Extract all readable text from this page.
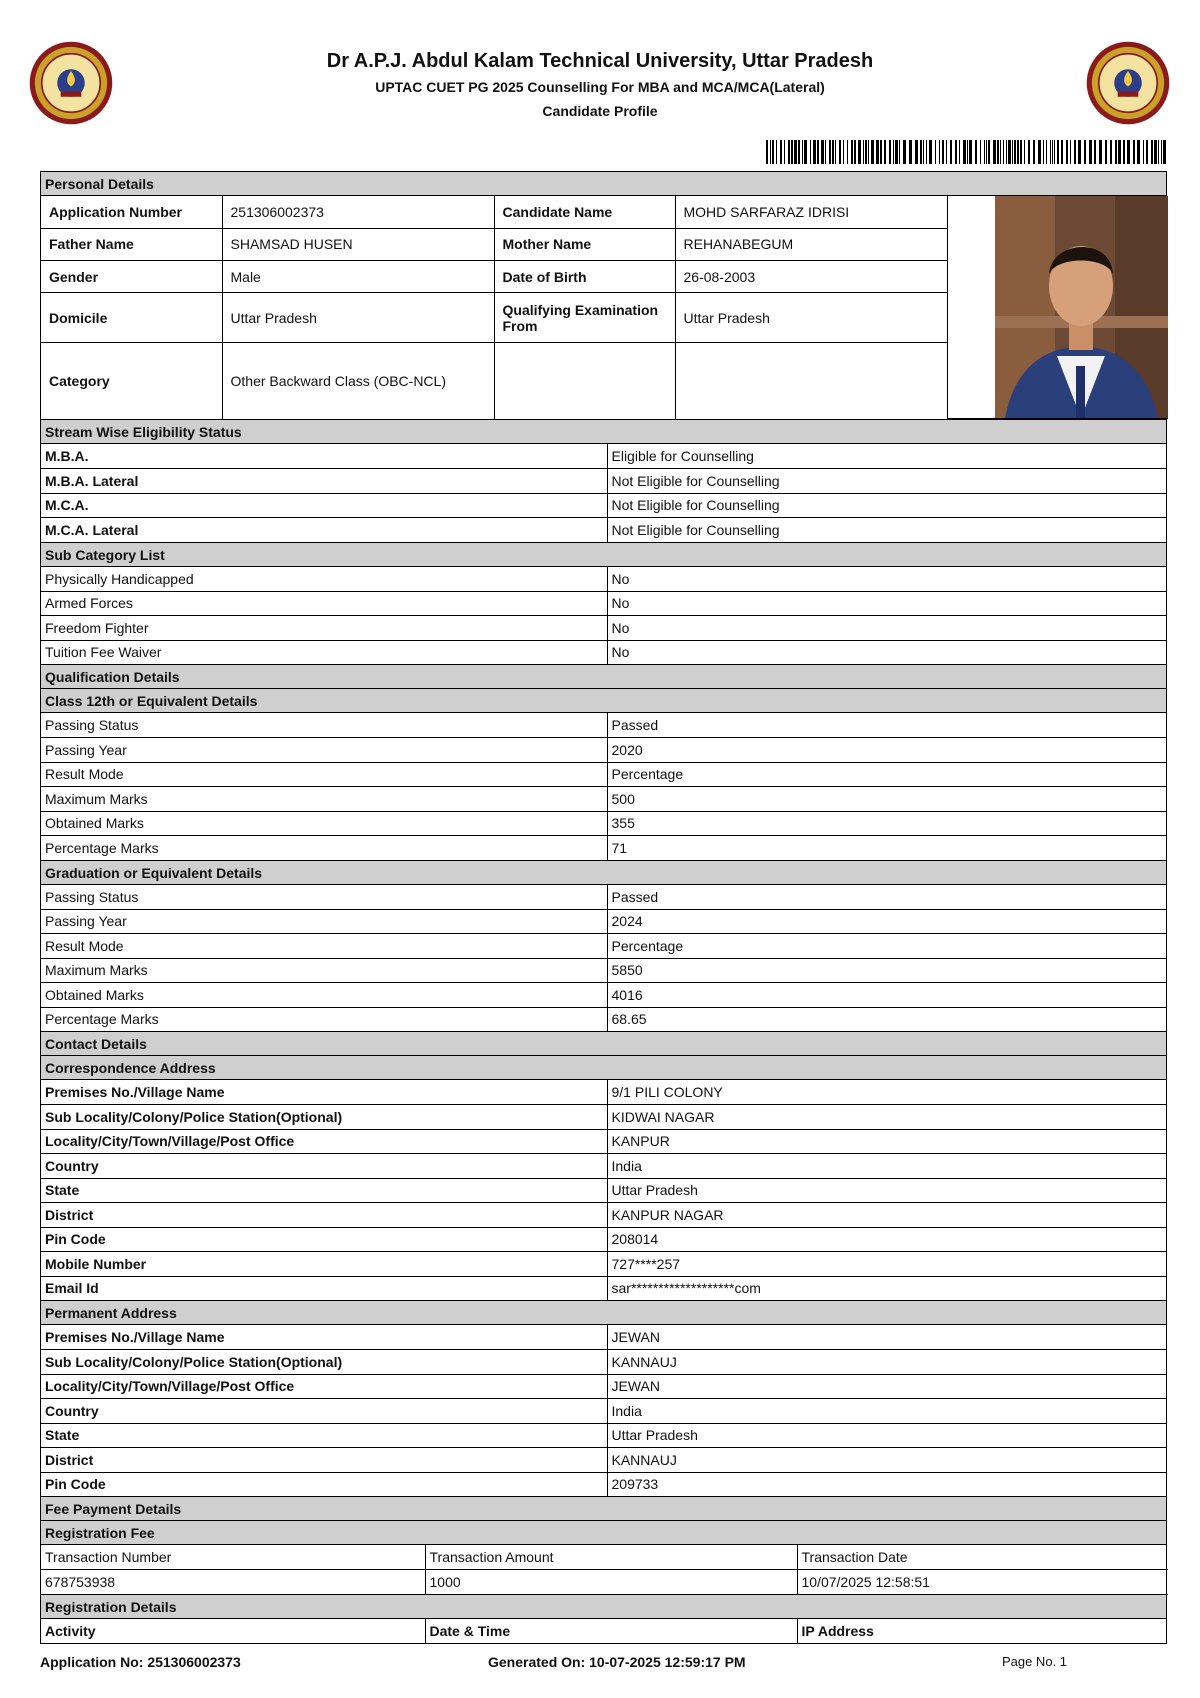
Dr A.P.J. Abdul Kalam Technical University, Uttar Pradesh
UPTAC CUET PG 2025 Counselling For MBA and MCA/MCA(Lateral)
Candidate Profile
Personal Details
Application Number	251306002373	Candidate Name	MOHD SARFARAZ IDRISI	
Father Name	SHAMSAD HUSEN	Mother Name	REHANABEGUM	
Gender	Male	Date of Birth	26-08-2003	
Domicile	Uttar Pradesh	Qualifying Examination From	Uttar Pradesh	
Category	Other Backward Class (OBC-NCL)			
Stream Wise Eligibility Status
M.B.A.	Eligible for Counselling
M.B.A. Lateral	Not Eligible for Counselling
M.C.A.	Not Eligible for Counselling
M.C.A. Lateral	Not Eligible for Counselling
Sub Category List
Physically Handicapped	No
Armed Forces	No
Freedom Fighter	No
Tuition Fee Waiver	No
Qualification Details
Class 12th or Equivalent Details
Passing Status	Passed
Passing Year	2020
Result Mode	Percentage
Maximum Marks	500
Obtained Marks	355
Percentage Marks	71
Graduation or Equivalent Details
Passing Status	Passed
Passing Year	2024
Result Mode	Percentage
Maximum Marks	5850
Obtained Marks	4016
Percentage Marks	68.65
Contact Details
Correspondence Address
Premises No./Village Name	9/1 PILI COLONY
Sub Locality/Colony/Police Station(Optional)	KIDWAI NAGAR
Locality/City/Town/Village/Post Office	KANPUR
Country	India
State	Uttar Pradesh
District	KANPUR NAGAR
Pin Code	208014
Mobile Number	727****257
Email Id	sar*******************com
Permanent Address
Premises No./Village Name	JEWAN
Sub Locality/Colony/Police Station(Optional)	KANNAUJ
Locality/City/Town/Village/Post Office	JEWAN
Country	India
State	Uttar Pradesh
District	KANNAUJ
Pin Code	209733
Fee Payment Details
Registration Fee
Transaction Number	Transaction Amount	Transaction Date
678753938	1000	10/07/2025 12:58:51
Registration Details
Activity	Date & Time	IP Address
Application No: 251306002373	Generated On: 10-07-2025 12:59:17 PM	Page No. 1
